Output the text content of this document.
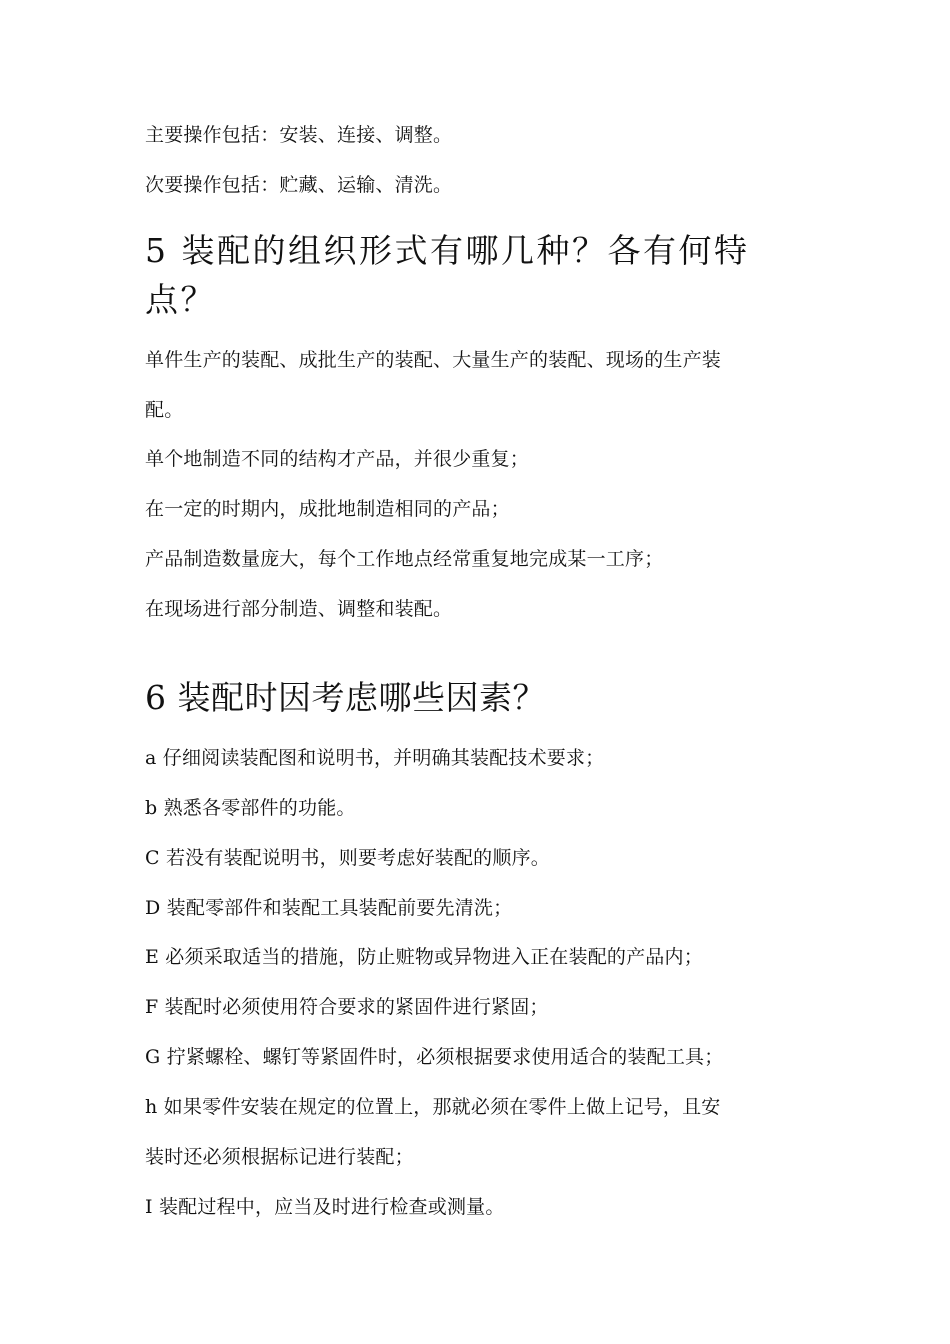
主要操作包括：安装、连接、调整。
次要操作包括：贮藏、运输、清洗。
5 装配的组织形式有哪几种？各有何特
点？
单件生产的装配、成批生产的装配、大量生产的装配、现场的生产装
配。
单个地制造不同的结构才产品，并很少重复；
在一定的时期内，成批地制造相同的产品；
产品制造数量庞大，每个工作地点经常重复地完成某一工序；
在现场进行部分制造、调整和装配。
6 装配时因考虑哪些因素？
a 仔细阅读装配图和说明书，并明确其装配技术要求；
b 熟悉各零部件的功能。
C 若没有装配说明书，则要考虑好装配的顺序。
D 装配零部件和装配工具装配前要先清洗；
E 必须采取适当的措施，防止赃物或异物进入正在装配的产品内；
F 装配时必须使用符合要求的紧固件进行紧固；
G 拧紧螺栓、螺钉等紧固件时，必须根据要求使用适合的装配工具；
h 如果零件安装在规定的位置上，那就必须在零件上做上记号，且安
装时还必须根据标记进行装配；
I 装配过程中，应当及时进行检查或测量。
